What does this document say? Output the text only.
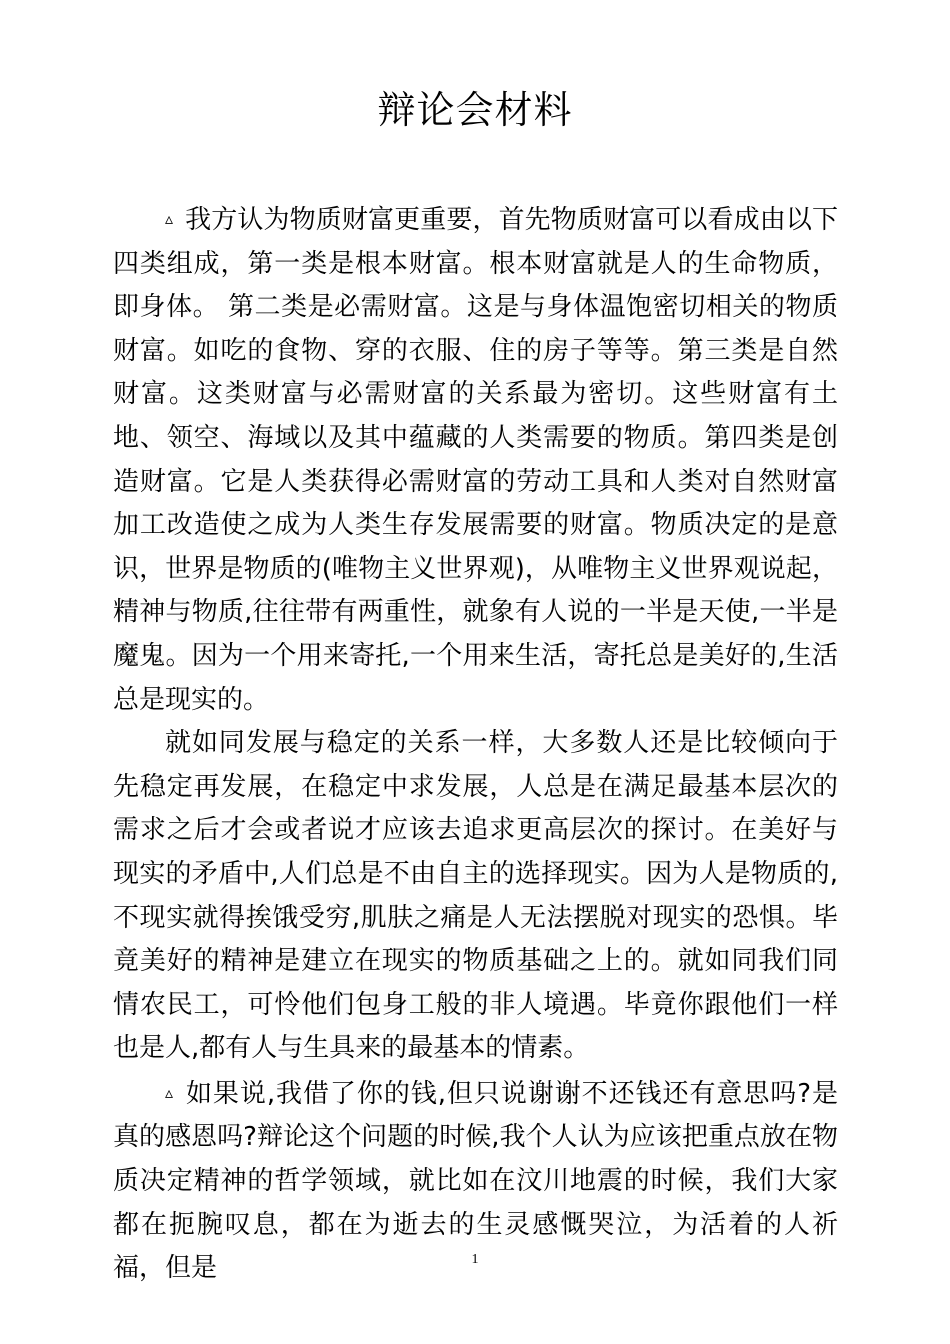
辩论会材料

▵ 我方认为物质财富更重要，首先物质财富可以看成由以下四类组成，第一类是根本财富。根本财富就是人的生命物质，即身体。 第二类是必需财富。这是与身体温饱密切相关的物质财富。如吃的食物、穿的衣服、住的房子等等。第三类是自然财富。这类财富与必需财富的关系最为密切。这些财富有土地、领空、海域以及其中蕴藏的人类需要的物质。第四类是创造财富。它是人类获得必需财富的劳动工具和人类对自然财富加工改造使之成为人类生存发展需要的财富。物质决定的是意识，世界是物质的(唯物主义世界观)，从唯物主义世界观说起，精神与物质,往往带有两重性，就象有人说的一半是天使,一半是魔鬼。因为一个用来寄托,一个用来生活，寄托总是美好的,生活总是现实的。

就如同发展与稳定的关系一样，大多数人还是比较倾向于先稳定再发展，在稳定中求发展，人总是在满足最基本层次的需求之后才会或者说才应该去追求更高层次的探讨。在美好与现实的矛盾中,人们总是不由自主的选择现实。因为人是物质的,不现实就得挨饿受穷,肌肤之痛是人无法摆脱对现实的恐惧。毕竟美好的精神是建立在现实的物质基础之上的。就如同我们同情农民工，可怜他们包身工般的非人境遇。毕竟你跟他们一样也是人,都有人与生具来的最基本的情素。

▵ 如果说,我借了你的钱,但只说谢谢不还钱还有意思吗?是真的感恩吗?辩论这个问题的时候,我个人认为应该把重点放在物质决定精神的哲学领域，就比如在汶川地震的时候，我们大家都在扼腕叹息，都在为逝去的生灵感慨哭泣，为活着的人祈福，但是	1
